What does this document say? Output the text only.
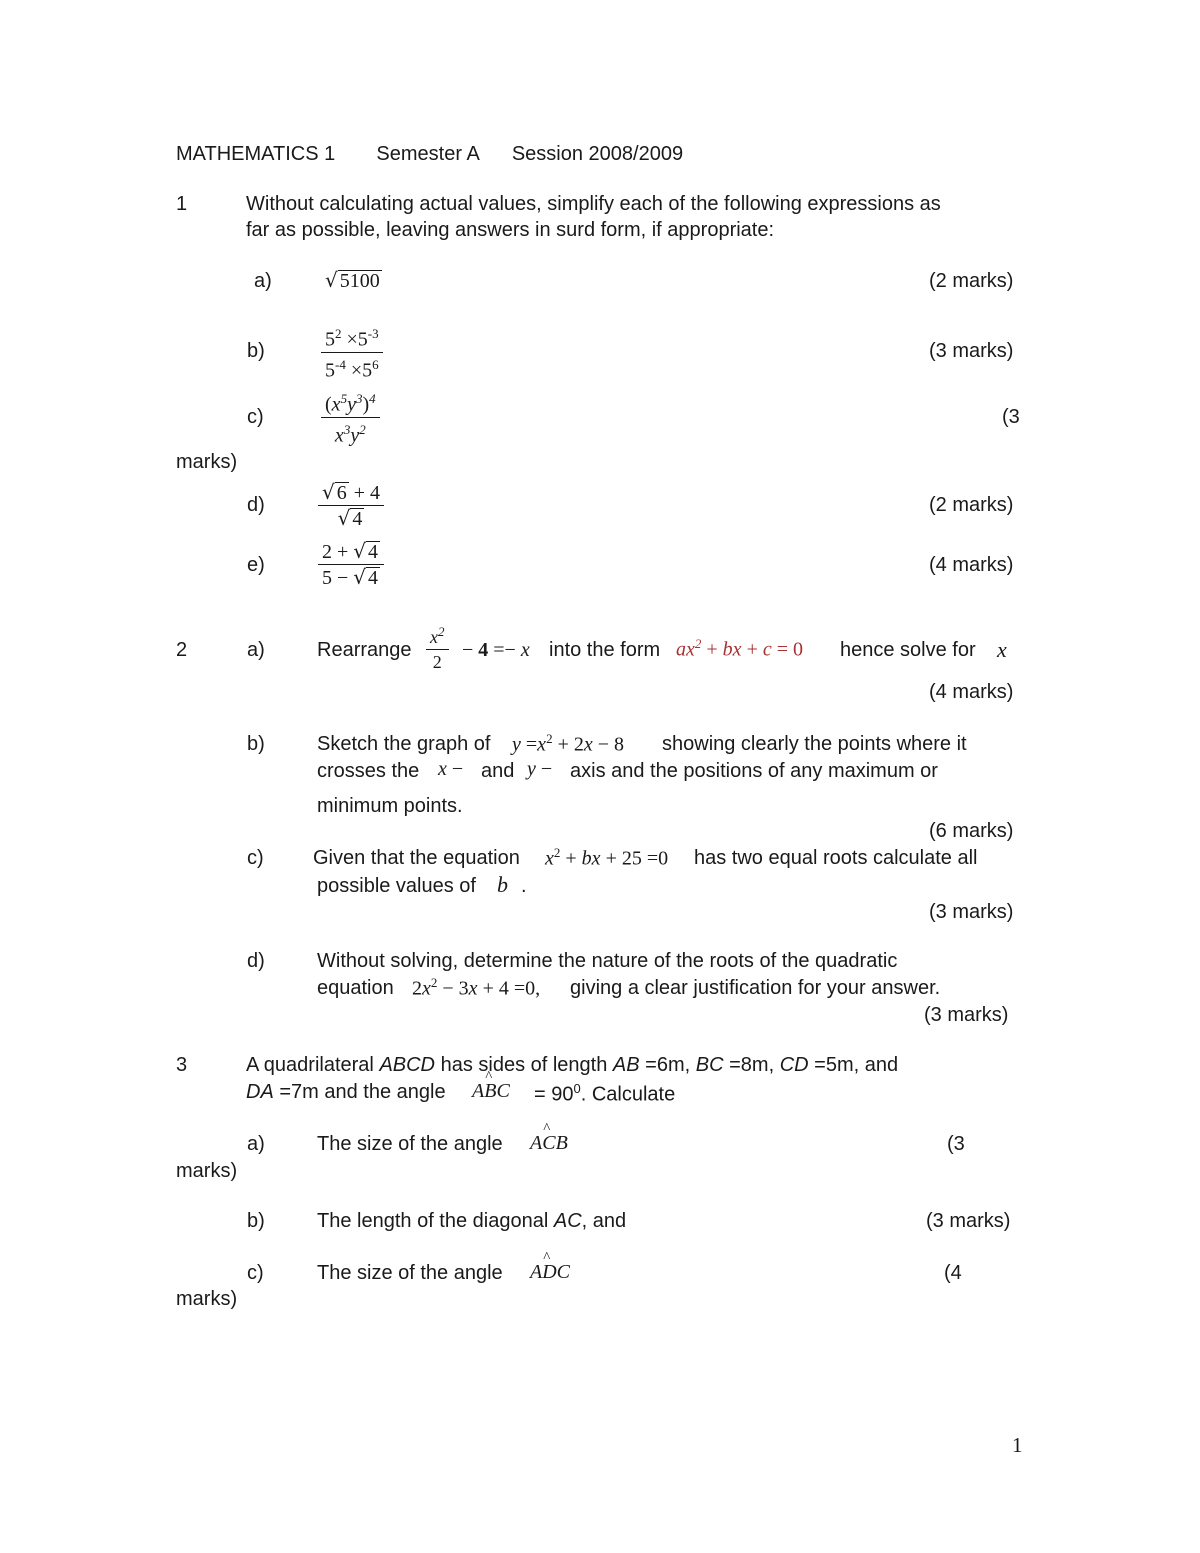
MATHEMATICS 1 Semester A Session 2008/2009
1	Without calculating actual values, simplify each of the following expressions as
far as possible, leaving answers in surd form, if appropriate:
a)	√ 5100	(2 marks)
b)
$5^2 \times 5^{-3}$
$5^{-4} \times 5^6$
(3 marks)
c)
$(x^5y^3)^4$
$x^3y^2$
(3
marks)
d)
√ 6 + 4
√ 4
(2 marks)
e)
2 + √ 4
5 − √ 4
(4 marks)
2	a)	Rearrange
$x^2$
2
− 4 =− x into the form $ax^2$ + bx + c = 0 hence solve for x
(4 marks)
b)	Sketch the graph of $y =x^2 + 2x - 8$ showing clearly the points where it
crosses the x − and y − axis and the positions of any maximum or
minimum points.
(6 marks)
c) Given that the equation $x^2$ + bx + 25 =0 has two equal roots calculate all
possible values of b .
(3 marks)
d)	Without solving, determine the nature of the roots of the quadratic
equation $2x^2 - 3x + 4 =0$, giving a clear justification for your answer.
(3 marks)
3	A quadrilateral ABCD has sides of length AB =6m, BC =8m, CD =5m, and
DA =7m and the angle A^ BC = $90^0$. Calculate
a)	The size of the angle A^ CB	(3
marks)
b)	The length of the diagonal AC, and	(3 marks)
c)	The size of the angle A^ DC	(4
marks)
1
